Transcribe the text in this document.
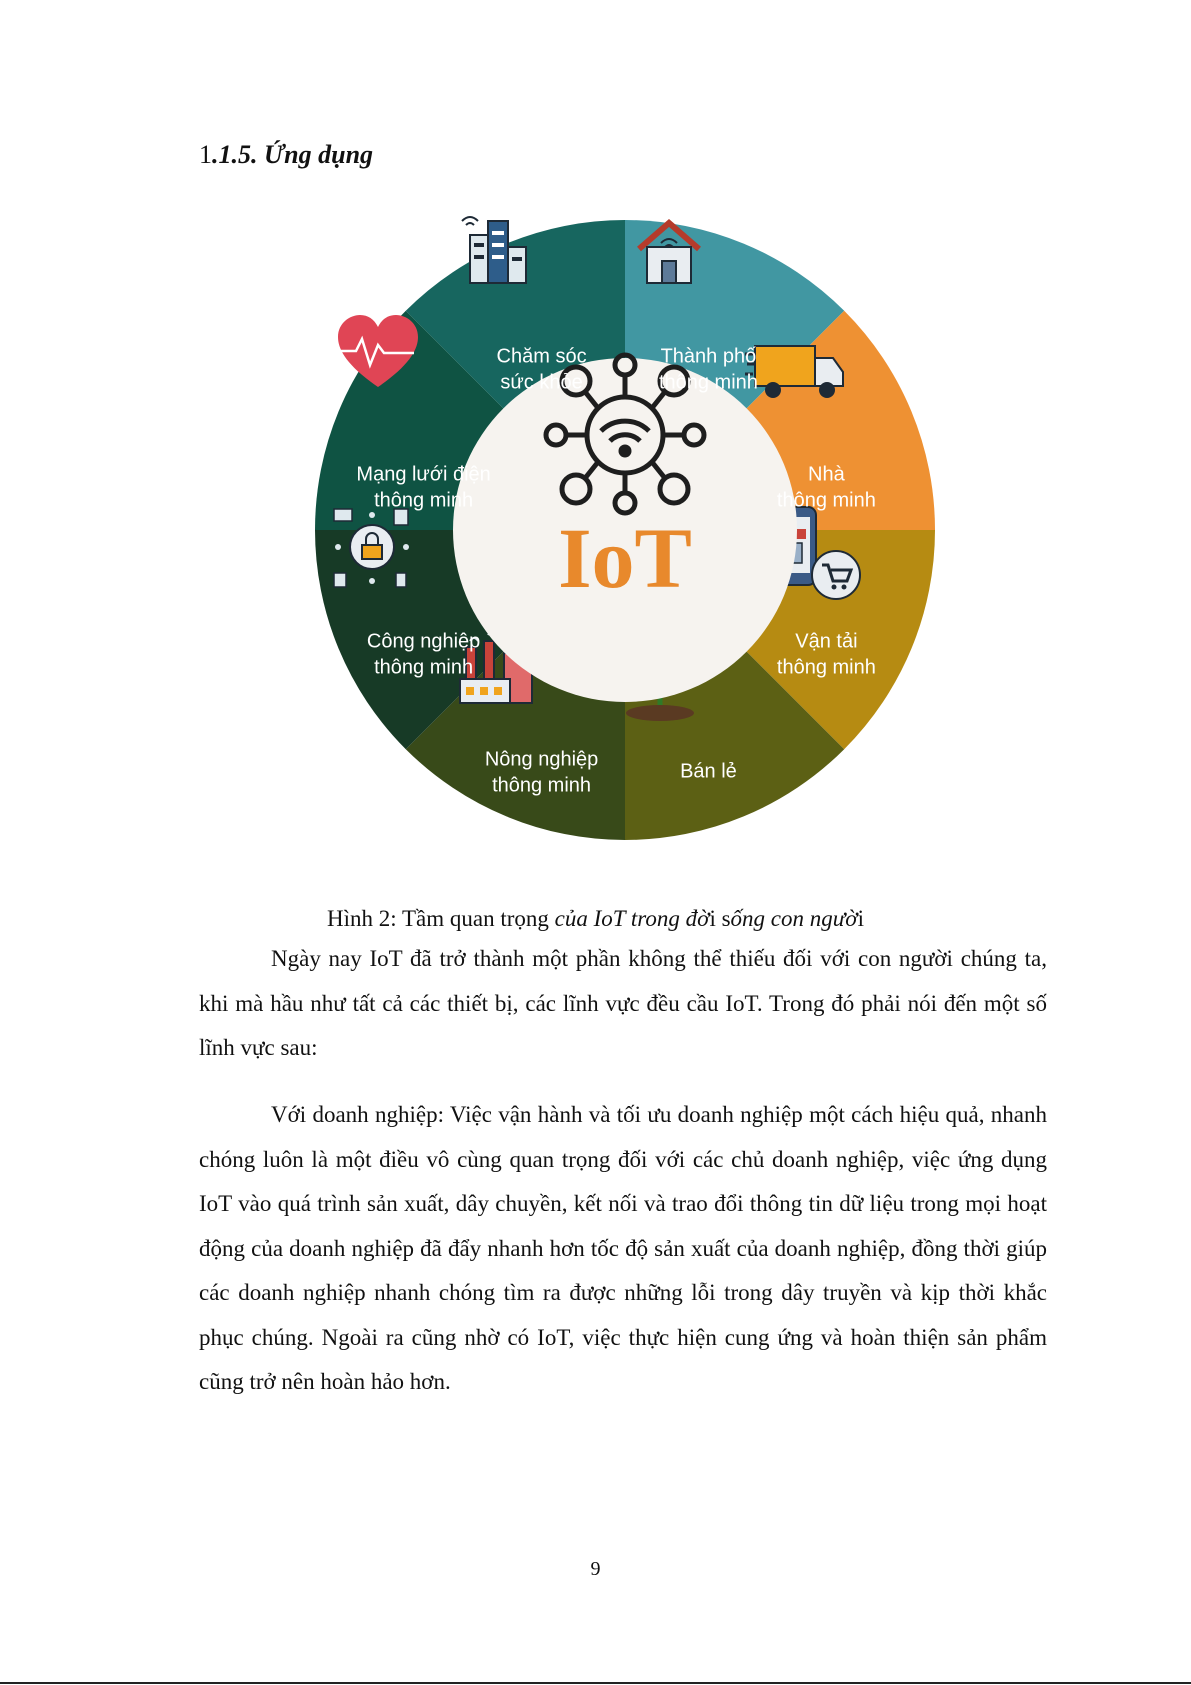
1.1.5. Ứng dụng
IoT
Thành phố thông minh
Nhà thông minh
Vận tải thông minh
Bán lẻ
Nông nghiệp thông minh
Công nghiệp thông minh
Mạng lưới điện thông minh
Chăm sóc sức khỏe

Hình 2: Tầm quan trọng của IoT trong đời sống con người

Ngày nay IoT đã trở thành một phần không thể thiếu đối với con người chúng ta, khi mà hầu như tất cả các thiết bị, các lĩnh vực đều cầu IoT. Trong đó phải nói đến một số lĩnh vực sau:

Với doanh nghiệp: Việc vận hành và tối ưu doanh nghiệp một cách hiệu quả, nhanh chóng luôn là một điều vô cùng quan trọng đối với các chủ doanh nghiệp, việc ứng dụng IoT vào quá trình sản xuất, dây chuyền, kết nối và trao đổi thông tin dữ liệu trong mọi hoạt động của doanh nghiệp đã đẩy nhanh hơn tốc độ sản xuất của doanh nghiệp, đồng thời giúp các doanh nghiệp nhanh chóng tìm ra được những lỗi trong dây truyền và kịp thời khắc phục chúng. Ngoài ra cũng nhờ có IoT, việc thực hiện cung ứng và hoàn thiện sản phẩm cũng trở nên hoàn hảo hơn.

9
